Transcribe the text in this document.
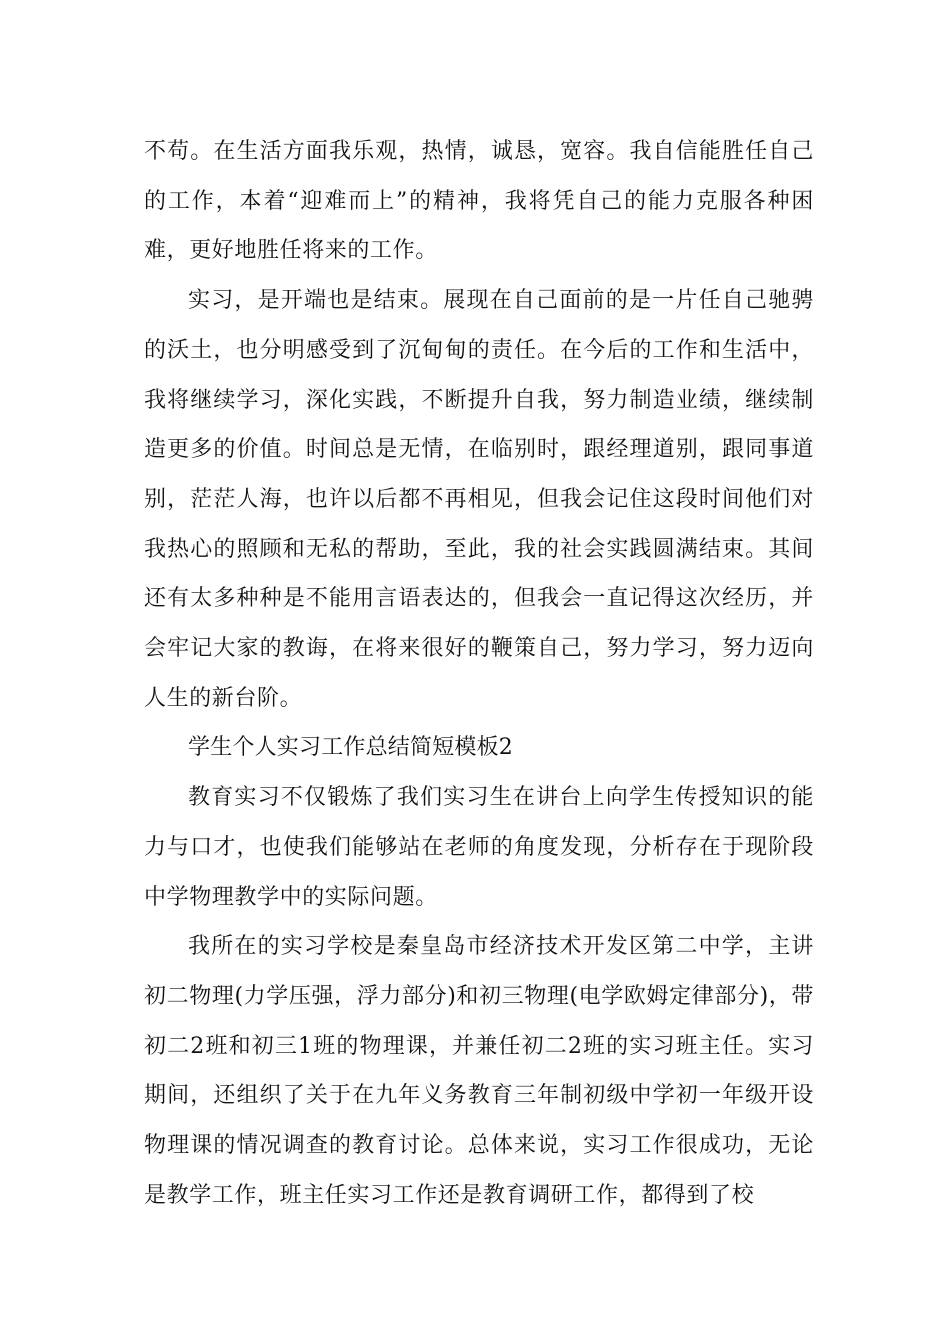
不苟。在生活方面我乐观，热情，诚恳，宽容。我自信能胜任自己的工作，本着“迎难而上”的精神，我将凭自己的能力克服各种困难，更好地胜任将来的工作。

实习，是开端也是结束。展现在自己面前的是一片任自己驰骋的沃土，也分明感受到了沉甸甸的责任。在今后的工作和生活中，我将继续学习，深化实践，不断提升自我，努力制造业绩，继续制造更多的价值。时间总是无情，在临别时，跟经理道别，跟同事道别，茫茫人海，也许以后都不再相见，但我会记住这段时间他们对我热心的照顾和无私的帮助，至此，我的社会实践圆满结束。其间还有太多种种是不能用言语表达的，但我会一直记得这次经历，并会牢记大家的教诲，在将来很好的鞭策自己，努力学习，努力迈向人生的新台阶。

学生个人实习工作总结简短模板2

教育实习不仅锻炼了我们实习生在讲台上向学生传授知识的能力与口才，也使我们能够站在老师的角度发现，分析存在于现阶段中学物理教学中的实际问题。

我所在的实习学校是秦皇岛市经济技术开发区第二中学，主讲初二物理(力学压强，浮力部分)和初三物理(电学欧姆定律部分)，带初二2班和初三1班的物理课，并兼任初二2班的实习班主任。实习期间，还组织了关于在九年义务教育三年制初级中学初一年级开设物理课的情况调查的教育讨论。总体来说，实习工作很成功，无论是教学工作，班主任实习工作还是教育调研工作，都得到了校
